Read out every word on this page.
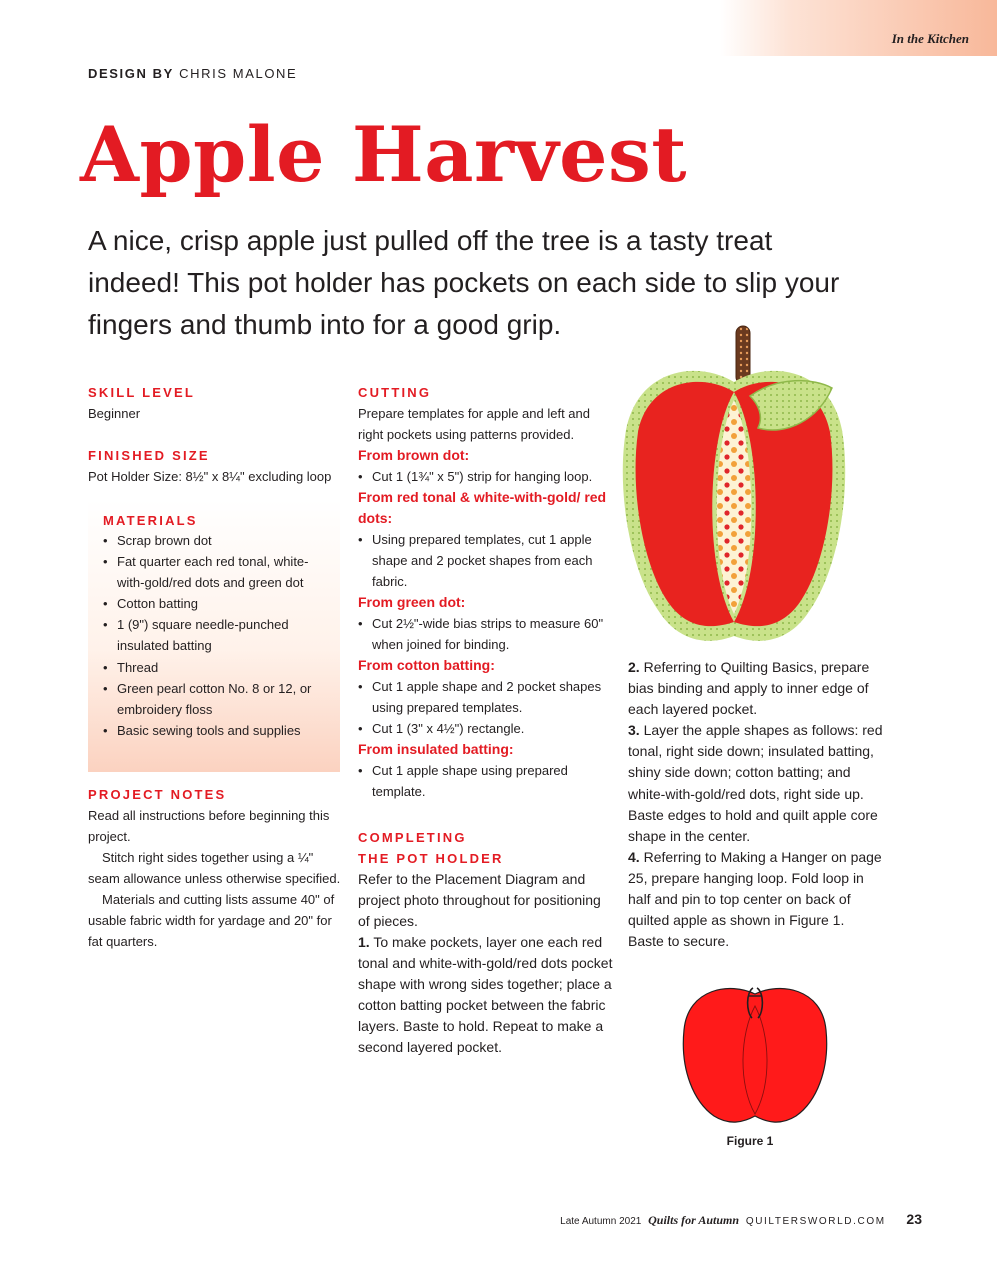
In the Kitchen
DESIGN BY CHRIS MALONE
Apple Harvest

A nice, crisp apple just pulled off the tree is a tasty treat indeed! This pot holder has pockets on each side to slip your fingers and thumb into for a good grip.

SKILL LEVEL

Beginner

FINISHED SIZE

Pot Holder Size: 8½" x 8¼" excluding loop

MATERIALS

• Scrap brown dot
• Fat quarter each red tonal, white-with-gold/red dots and green dot
• Cotton batting
• 1 (9") square needle-punched insulated batting
• Thread
• Green pearl cotton No. 8 or 12, or embroidery floss
• Basic sewing tools and supplies

PROJECT NOTES

Read all instructions before beginning this project.

Stitch right sides together using a ¼" seam allowance unless otherwise specified.

Materials and cutting lists assume 40" of usable fabric width for yardage and 20" for fat quarters.

CUTTING

Prepare templates for apple and left and right pockets using patterns provided.

From brown dot:

• Cut 1 (1¾" x 5") strip for hanging loop.

From red tonal & white-with-gold/ red dots:

• Using prepared templates, cut 1 apple shape and 2 pocket shapes from each fabric.

From green dot:

• Cut 2½"-wide bias strips to measure 60" when joined for binding.

From cotton batting:

• Cut 1 apple shape and 2 pocket shapes using prepared templates.
• Cut 1 (3" x 4½") rectangle.

From insulated batting:

• Cut 1 apple shape using prepared template.

COMPLETING

THE POT HOLDER

Refer to the Placement Diagram and project photo throughout for positioning of pieces.

1. To make pockets, layer one each red tonal and white-with-gold/red dots pocket shape with wrong sides together; place a cotton batting pocket between the fabric layers. Baste to hold. Repeat to make a second layered pocket.

2. Referring to Quilting Basics, prepare bias binding and apply to inner edge of each layered pocket.

3. Layer the apple shapes as follows: red tonal, right side down; insulated batting, shiny side down; cotton batting; and white-with-gold/red dots, right side up. Baste edges to hold and quilt apple core shape in the center.

4. Referring to Making a Hanger on page 25, prepare hanging loop. Fold loop in half and pin to top center on back of quilted apple as shown in Figure 1. Baste to secure.

Figure 1
Late Autumn 2021 Quilts for Autumn QUILTERSWORLD.COM 23
